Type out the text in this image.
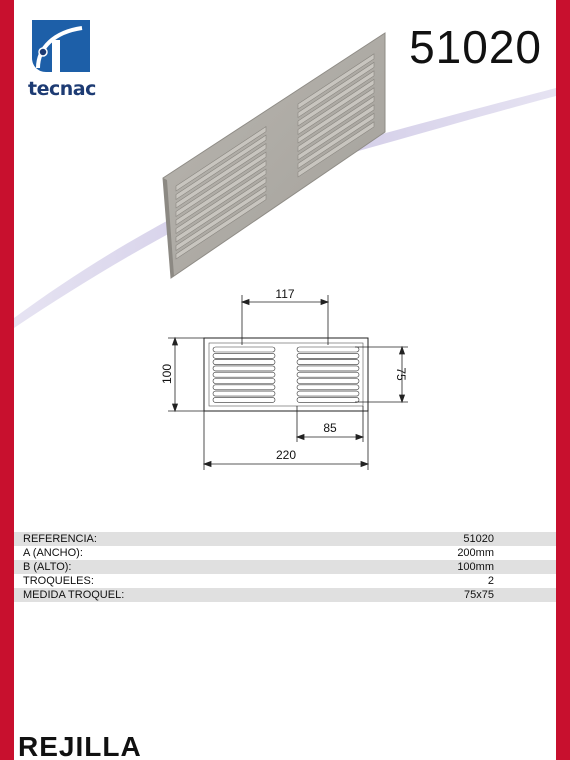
tecnac
51020
117
100	75
85
220
REFERENCIA:	51020
A (ANCHO):	200mm
B (ALTO):	100mm
TROQUELES:	2
MEDIDA TROQUEL:	75x75
REJILLA
